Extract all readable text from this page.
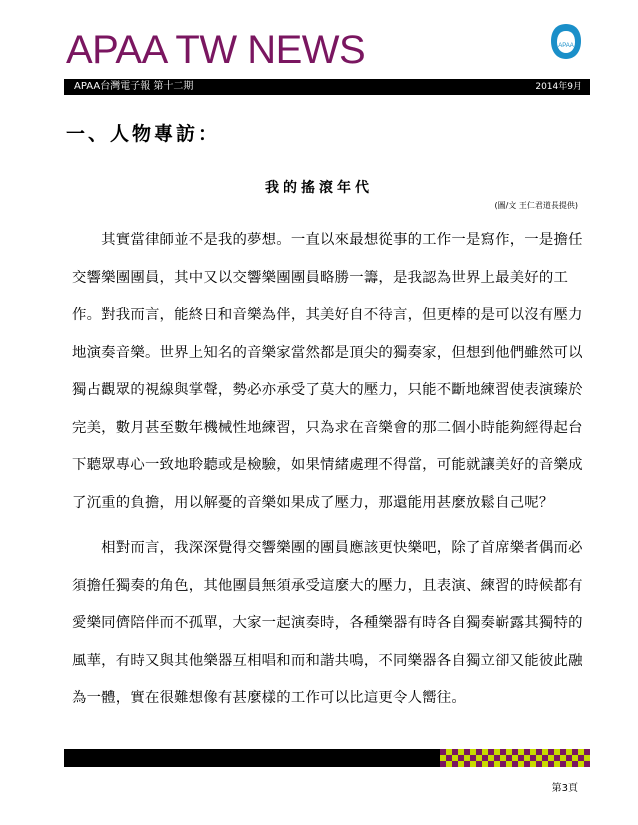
APAA TW NEWS	APAA
APAA台灣電子報 第十二期	2014年9月
一、人物專訪：
我的搖滾年代
(圖/文 王仁君道長提供)
　　其實當律師並不是我的夢想。一直以來最想從事的工作一是寫作，一是擔任
交響樂團團員，其中又以交響樂團團員略勝一籌，是我認為世界上最美好的工
作。對我而言，能終日和音樂為伴，其美好自不待言，但更棒的是可以沒有壓力
地演奏音樂。世界上知名的音樂家當然都是頂尖的獨奏家，但想到他們雖然可以
獨占觀眾的視線與掌聲，勢必亦承受了莫大的壓力，只能不斷地練習使表演臻於
完美，數月甚至數年機械性地練習，只為求在音樂會的那二個小時能夠經得起台
下聽眾專心一致地聆聽或是檢驗，如果情緒處理不得當，可能就讓美好的音樂成
了沉重的負擔，用以解憂的音樂如果成了壓力，那還能用甚麼放鬆自己呢？
　　相對而言，我深深覺得交響樂團的團員應該更快樂吧，除了首席樂者偶而必
須擔任獨奏的角色，其他團員無須承受這麼大的壓力，且表演、練習的時候都有
愛樂同儕陪伴而不孤單，大家一起演奏時，各種樂器有時各自獨奏嶄露其獨特的
風華，有時又與其他樂器互相唱和而和諧共鳴，不同樂器各自獨立卻又能彼此融
為一體，實在很難想像有甚麼樣的工作可以比這更令人嚮往。
第3頁
